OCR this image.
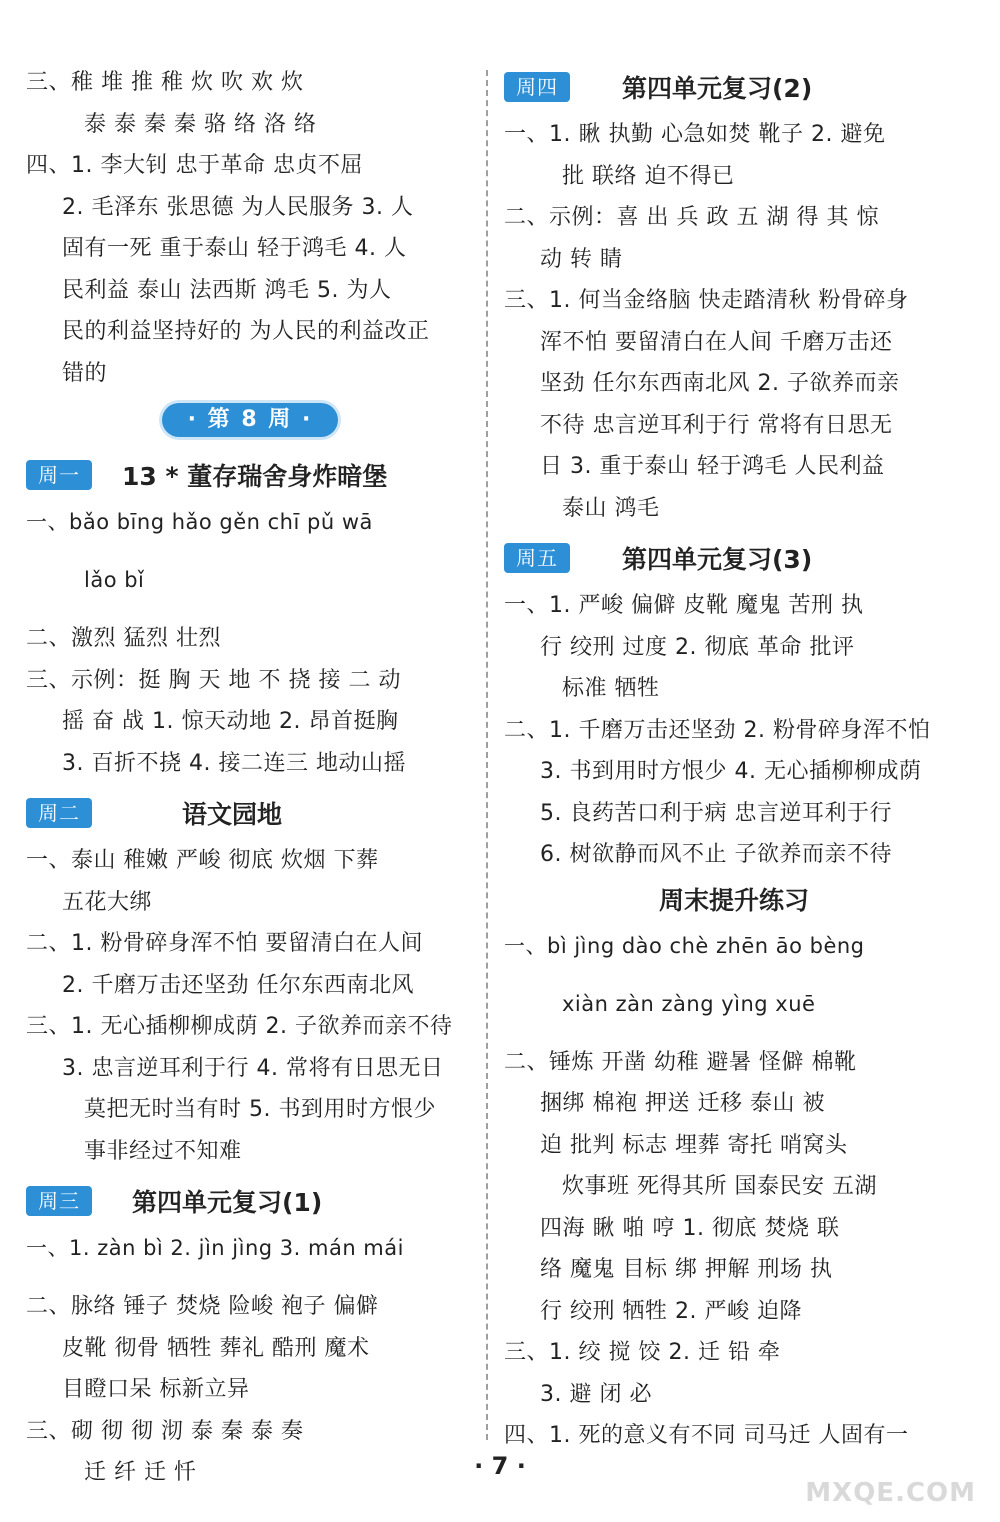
三、稚 堆 推 稚 炊 吹 欢 炊
泰 泰 秦 秦 骆 络 洛 络
四、1. 李大钊 忠于革命 忠贞不屈
2. 毛泽东 张思德 为人民服务 3. 人
固有一死 重于泰山 轻于鸿毛 4. 人
民利益 泰山 法西斯 鸿毛 5. 为人
民的利益坚持好的 为人民的利益改正
错的
· 第 8 周 ·
周一	13 * 董存瑞舍身炸暗堡
一、bǎo bīng hǎo gěn chī pǔ wā
lǎo bǐ
二、激烈 猛烈 壮烈
三、示例：挺 胸 天 地 不 挠 接 二 动
摇 奋 战 1. 惊天动地 2. 昂首挺胸
3. 百折不挠 4. 接二连三 地动山摇
周二	语文园地
一、泰山 稚嫩 严峻 彻底 炊烟 下葬
五花大绑
二、1. 粉骨碎身浑不怕 要留清白在人间
2. 千磨万击还坚劲 任尔东西南北风
三、1. 无心插柳柳成荫 2. 子欲养而亲不待
3. 忠言逆耳利于行 4. 常将有日思无日
莫把无时当有时 5. 书到用时方恨少
事非经过不知难
周三	第四单元复习(1)
一、1. zàn bì 2. jìn jìng 3. mán mái
二、脉络 锤子 焚烧 险峻 袍子 偏僻
皮靴 彻骨 牺牲 葬礼 酷刑 魔术
目瞪口呆 标新立异
三、砌 彻 彻 沏 泰 秦 泰 奏
迁 纤 迁 忏
周四	第四单元复习(2)
一、1. 瞅 执勤 心急如焚 靴子 2. 避免
批 联络 迫不得已
二、示例：喜 出 兵 政 五 湖 得 其 惊
动 转 睛
三、1. 何当金络脑 快走踏清秋 粉骨碎身
浑不怕 要留清白在人间 千磨万击还
坚劲 任尔东西南北风 2. 子欲养而亲
不待 忠言逆耳利于行 常将有日思无
日 3. 重于泰山 轻于鸿毛 人民利益
泰山 鸿毛
周五	第四单元复习(3)
一、1. 严峻 偏僻 皮靴 魔鬼 苦刑 执
行 绞刑 过度 2. 彻底 革命 批评
标准 牺牲
二、1. 千磨万击还坚劲 2. 粉骨碎身浑不怕
3. 书到用时方恨少 4. 无心插柳柳成荫
5. 良药苦口利于病 忠言逆耳利于行
6. 树欲静而风不止 子欲养而亲不待
周末提升练习
一、bì jìng dào chè zhēn āo bèng
xiàn zàn zàng yìng xuē
二、锤炼 开凿 幼稚 避暑 怪僻 棉靴
捆绑 棉袍 押送 迁移 泰山 被
迫 批判 标志 埋葬 寄托 哨窝头
炊事班 死得其所 国泰民安 五湖
四海 瞅 啪 哼 1. 彻底 焚烧 联
络 魔鬼 目标 绑 押解 刑场 执
行 绞刑 牺牲 2. 严峻 迫降
三、1. 绞 搅 饺 2. 迁 铅 牵
3. 避 闭 必
四、1. 死的意义有不同 司马迁 人固有一
· 7 ·
MXQE.COM
